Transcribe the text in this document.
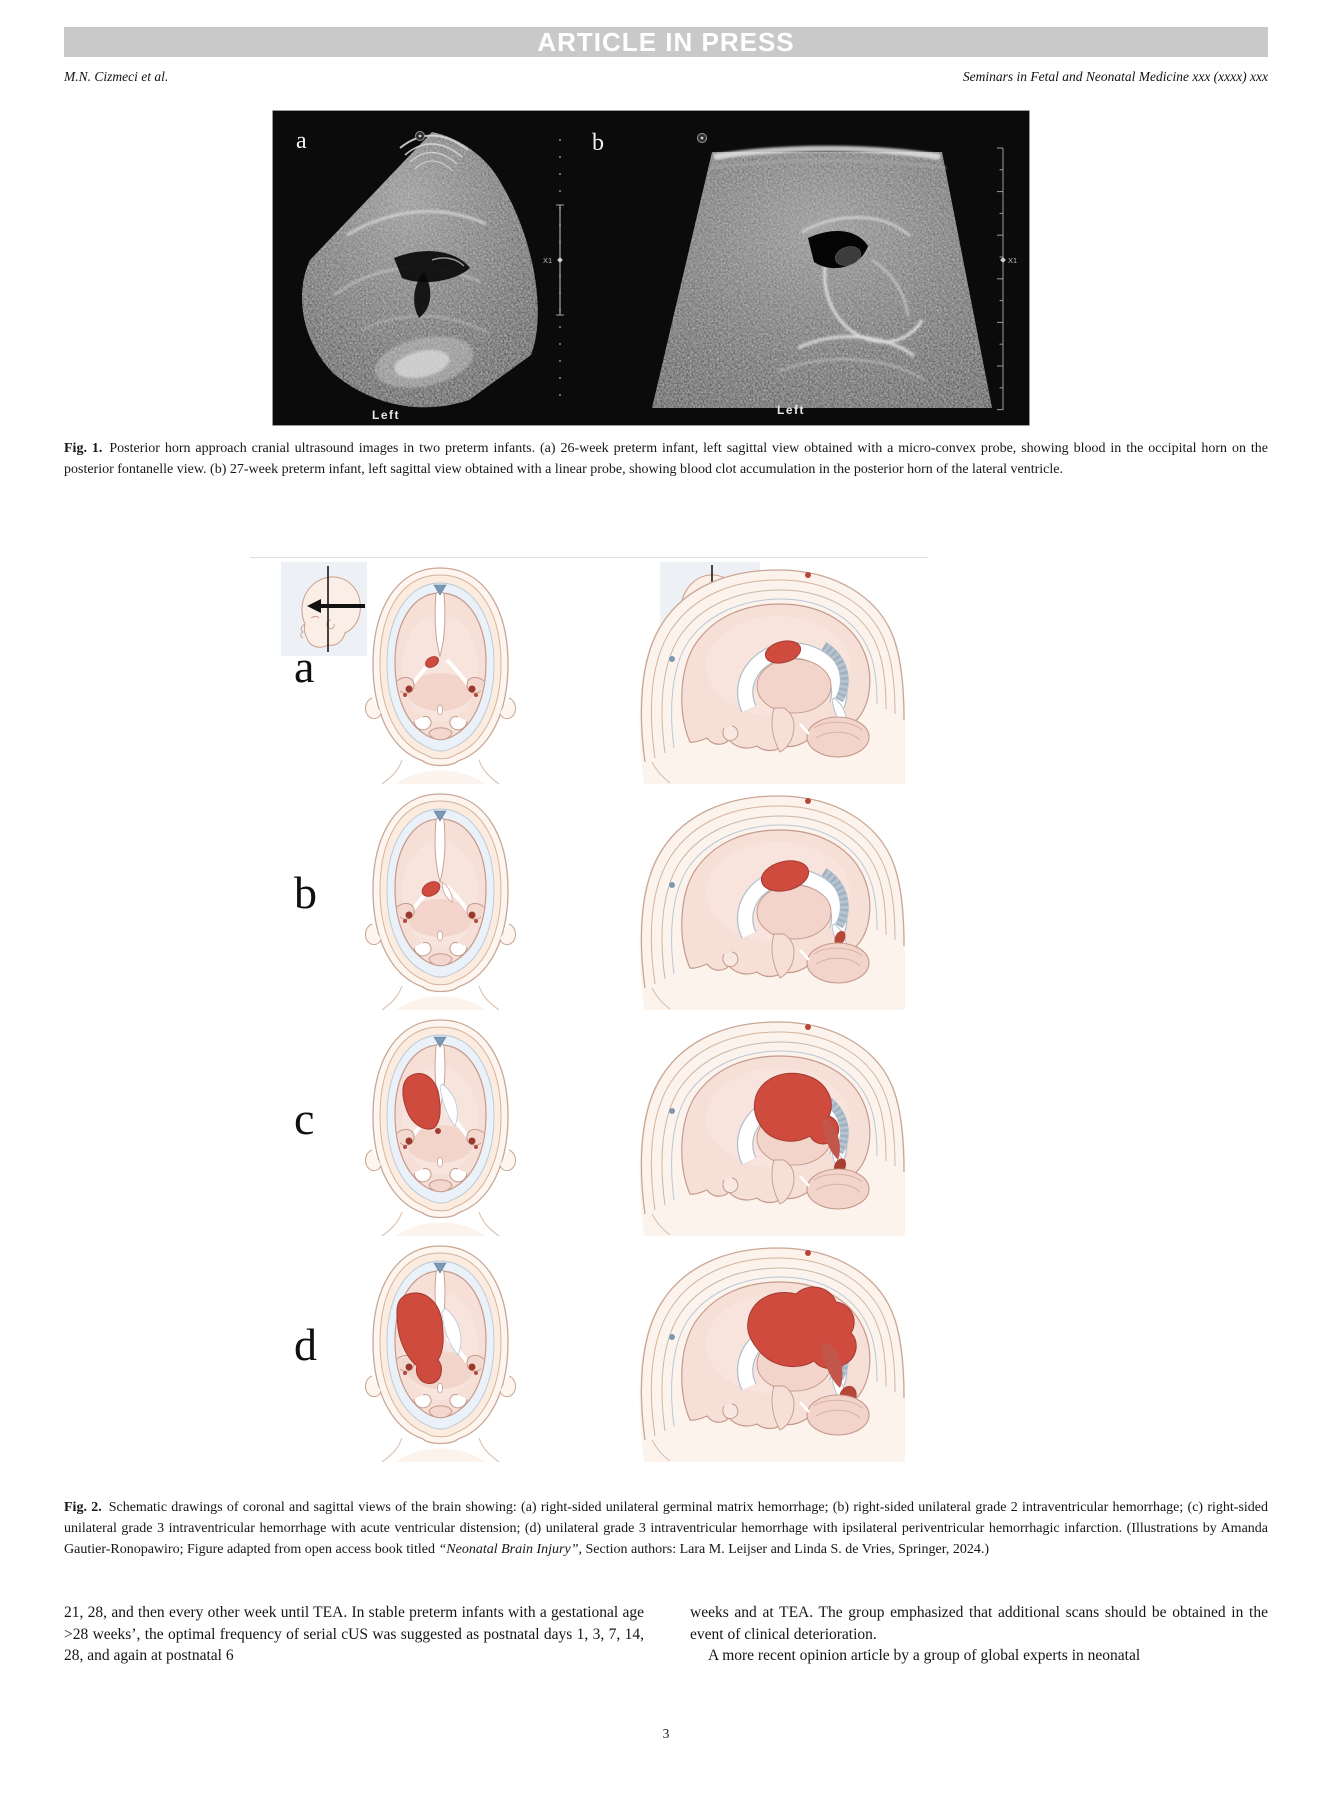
ARTICLE IN PRESS
M.N. Cizmeci et al.	Seminars in Fetal and Neonatal Medicine xxx (xxxx) xxx
a	b
Left	Left
X1	X1

Fig. 1. Posterior horn approach cranial ultrasound images in two preterm infants. (a) 26-week preterm infant, left sagittal view obtained with a micro-convex probe, showing blood in the occipital horn on the posterior fontanelle view. (b) 27-week preterm infant, left sagittal view obtained with a linear probe, showing blood clot accumulation in the posterior horn of the lateral ventricle.

a
b
c
d

Fig. 2. Schematic drawings of coronal and sagittal views of the brain showing: (a) right-sided unilateral germinal matrix hemorrhage; (b) right-sided unilateral grade 2 intraventricular hemorrhage; (c) right-sided unilateral grade 3 intraventricular hemorrhage with acute ventricular distension; (d) unilateral grade 3 intraventricular hemorrhage with ipsilateral periventricular hemorrhagic infarction. (Illustrations by Amanda Gautier-Ronopawiro; Figure adapted from open access book titled “Neonatal Brain Injury”, Section authors: Lara M. Leijser and Linda S. de Vries, Springer, 2024.)

21, 28, and then every other week until TEA. In stable preterm infants with a gestational age >28 weeks’, the optimal frequency of serial cUS was suggested as postnatal days 1, 3, 7, 14, 28, and again at postnatal 6

weeks and at TEA. The group emphasized that additional scans should be obtained in the event of clinical deterioration.

A more recent opinion article by a group of global experts in neonatal

3
